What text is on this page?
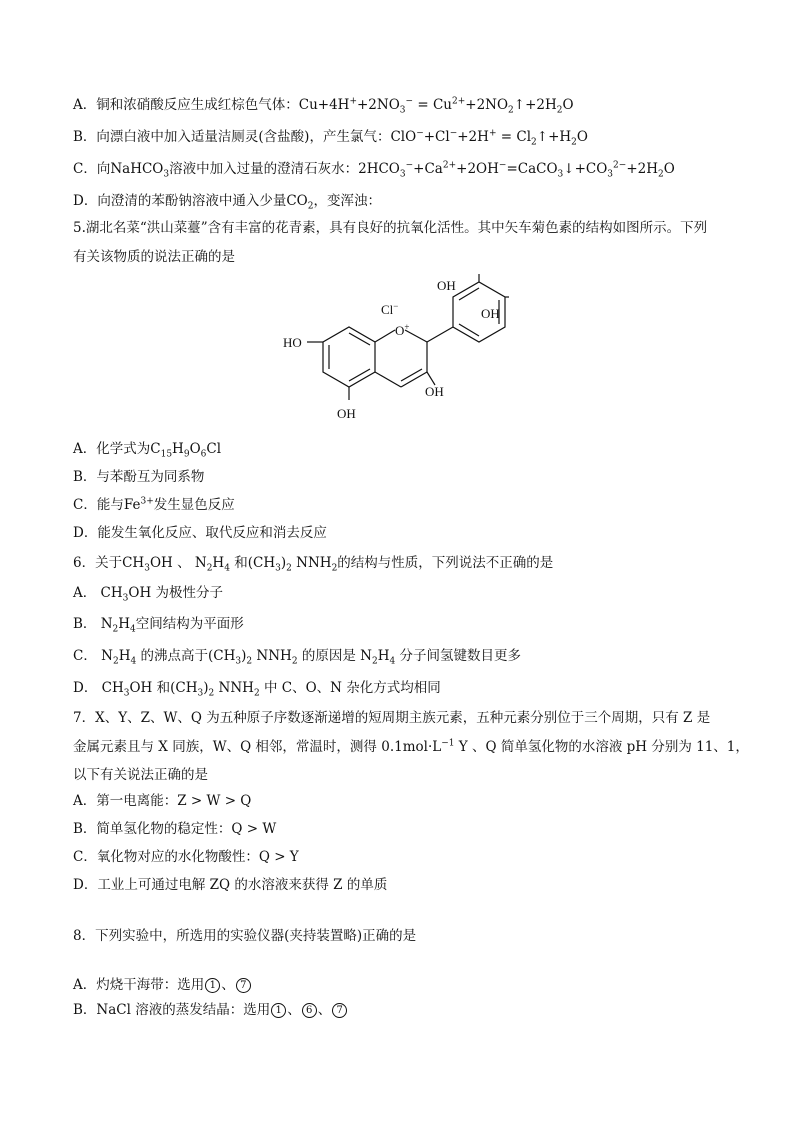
A．铜和浓硝酸反应生成红棕色气体：$Cu+4H^++2NO_3^-$ = $Cu^{2+}+2NO_2↑+2H_2O$
B．向漂白液中加入适量洁厕灵(含盐酸)，产生氯气：$ClO^-+Cl^-+2H^+ = Cl_2↑+H_2O$
C．向NaHCO$_3$溶液中加入过量的澄清石灰水：$2HCO_3^-+Ca^{2+}+2OH^-=CaCO_3↓+CO_3^{2-}+2H_2O$
D．向澄清的苯酚钠溶液中通入少量$CO_2$，变浑浊：
5.湖北名菜“洪山菜薹”含有丰富的花青素，具有良好的抗氧化活性。其中矢车菊色素的结构如图所示。下列
有关该物质的说法正确的是
Cl−
O+
HO
OH
OH
OH
OH
A．化学式为$C_{15}H_9O_6Cl$
B．与苯酚互为同系物
C．能与$Fe^{3+}$发生显色反应
D．能发生氧化反应、取代反应和消去反应
6．关于$CH_3OH$ 、 $N_2H_4$ 和$(CH_3)_2$ $NNH_2$的结构与性质，下列说法不正确的是
A． $CH_3OH$ 为极性分子
B． $N_2H_4$空间结构为平面形
C． $N_2H_4$ 的沸点高于$(CH_3)_2$ $NNH_2$ 的原因是 $N_2H_4$ 分子间氢键数目更多
D． $CH_3OH$ 和$(CH_3)_2$ $NNH_2$ 中 C、O、N 杂化方式均相同
7．X、Y、Z、W、Q 为五种原子序数逐渐递增的短周期主族元素，五种元素分别位于三个周期，只有 Z 是
金属元素且与 X 同族，W、Q 相邻，常温时，测得 $0.1mol\cdot L^{-1}$ Y 、Q 简单氢化物的水溶液 pH 分别为 11、1，
以下有关说法正确的是
A．第一电离能：Z > W > Q
B．简单氢化物的稳定性：Q > W
C．氧化物对应的水化物酸性：Q > Y
D．工业上可通过电解 ZQ 的水溶液来获得 Z 的单质
8．下列实验中，所选用的实验仪器(夹持装置略)正确的是
A．灼烧干海带：选用 1 、 7
B．NaCl 溶液的蒸发结晶：选用 1 、 6 、 7
